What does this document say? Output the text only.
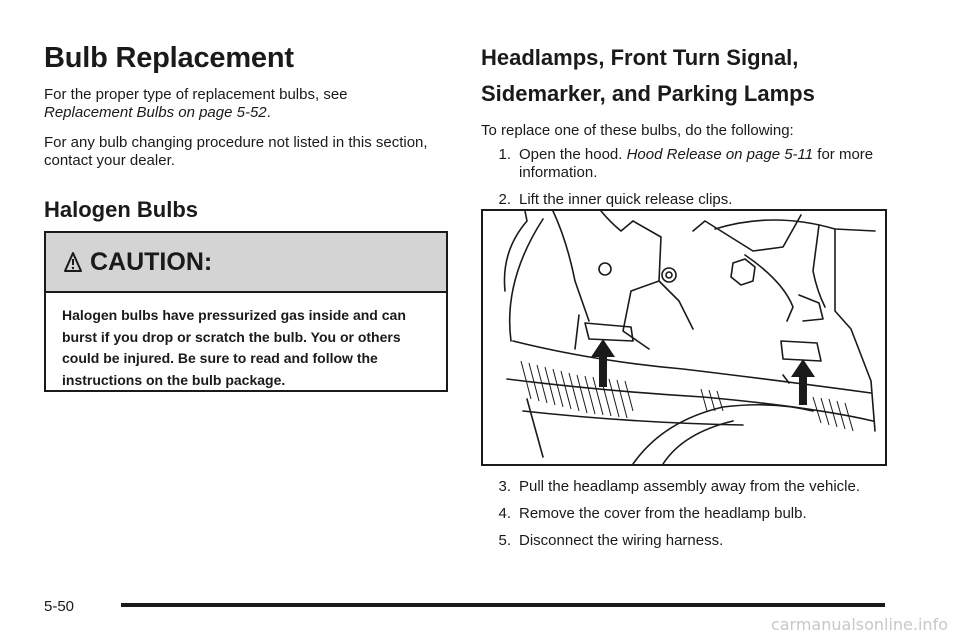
Bulb Replacement

For the proper type of replacement bulbs, see
Replacement Bulbs on page 5-52.

For any bulb changing procedure not listed in this section, contact your dealer.

Halogen Bulbs
CAUTION:

Halogen bulbs have pressurized gas inside and can burst if you drop or scratch the bulb. You or others could be injured. Be sure to read and follow the instructions on the bulb package.

Headlamps, Front Turn Signal,
Sidemarker, and Parking Lamps

To replace one of these bulbs, do the following:

1. Open the hood. Hood Release on page 5-11 for more information.
2. Lift the inner quick release clips.
3. Pull the headlamp assembly away from the vehicle.
4. Remove the cover from the headlamp bulb.
5. Disconnect the wiring harness.
5-50
carmanualsonline.info
